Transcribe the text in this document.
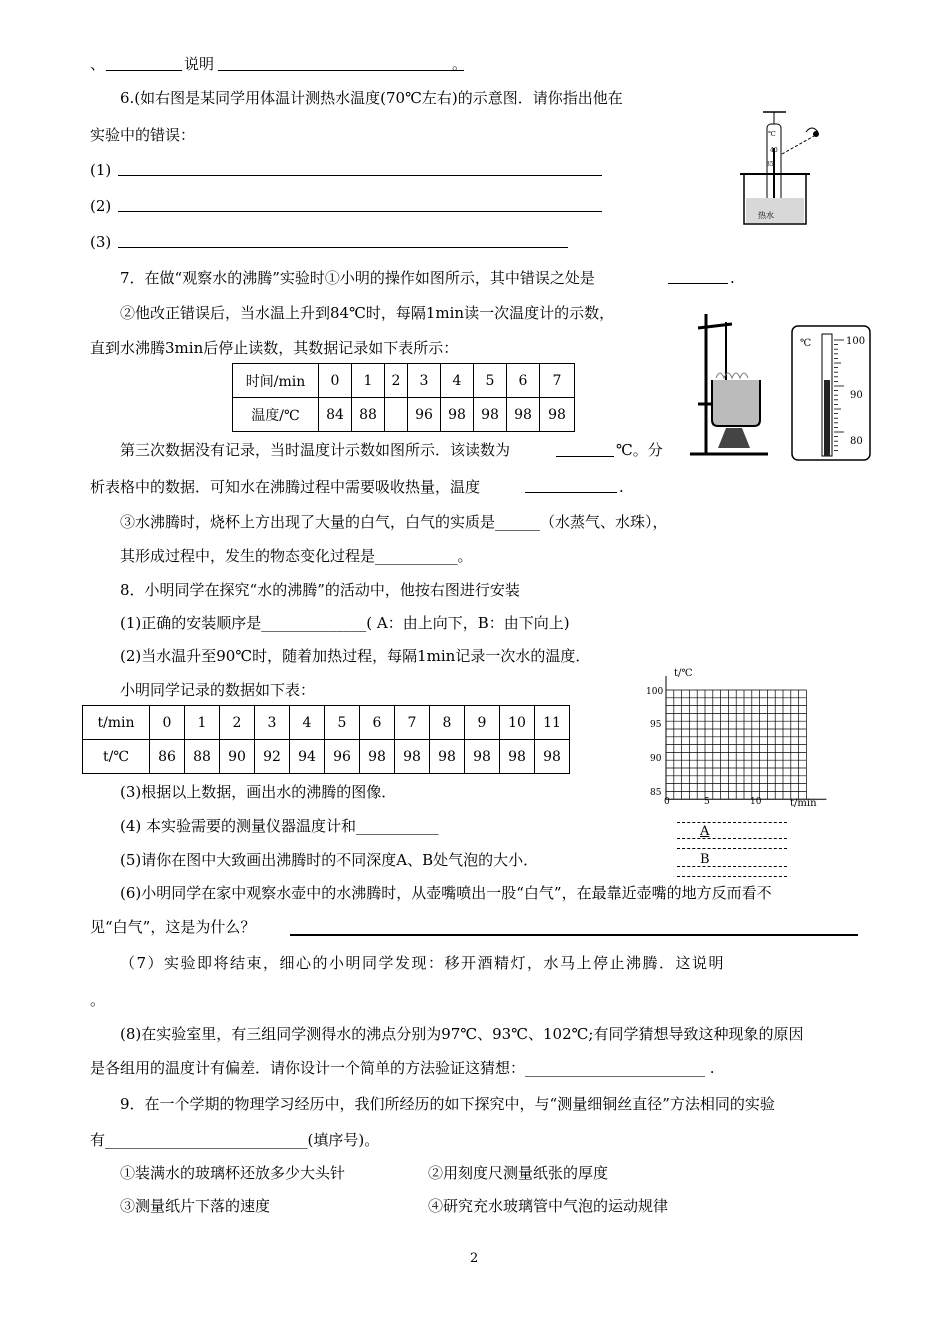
、	说明	。
6.(如右图是某同学用体温计测热水温度(70℃左右)的示意图．请你指出他在
实验中的错误：
(1)
(2)
(3)
℃
40
35
热水
7．在做“观察水的沸腾”实验时①小明的操作如图所示，其中错误之处是	.
②他改正错误后，当水温上升到84℃时，每隔1min读一次温度计的示数，
直到水沸腾3min后停止读数，其数据记录如下表所示：
时间/min	0	1	2	3	4	5	6	7
温度/℃	84	88		96	98	98	98	98
℃	100
90
80
第三次数据没有记录，当时温度计示数如图所示．该读数为	℃。分
析表格中的数据．可知水在沸腾过程中需要吸收热量，温度	.
③水沸腾时，烧杯上方出现了大量的白气，白气的实质是______（水蒸气、水珠），
其形成过程中，发生的物态变化过程是___________。
8．小明同学在探究“水的沸腾”的活动中，他按右图进行安装
(1)正确的安装顺序是______________( A：由上向下，B：由下向上)
(2)当水温升至90℃时，随着加热过程，每隔1min记录一次水的温度．
小明同学记录的数据如下表：
t/min	0	1	2	3	4	5	6	7	8	9	10	11
t/℃	86	88	90	92	94	96	98	98	98	98	98	98
t/℃
t/min
100
95
90
85
0	5	10
A
B
(3)根据以上数据，画出水的沸腾的图像．
(4) 本实验需要的测量仪器温度计和___________
(5)请你在图中大致画出沸腾时的不同深度A、B处气泡的大小．
(6)小明同学在家中观察水壶中的水沸腾时，从壶嘴喷出一股“白气”，在最靠近壶嘴的地方反而看不
见“白气”，这是为什么？
（7）实验即将结束，细心的小明同学发现：移开酒精灯，水马上停止沸腾．这说明
。
(8)在实验室里，有三组同学测得水的沸点分别为97℃、93℃、102℃;有同学猜想导致这种现象的原因
是各组用的温度计有偏差．请你设计一个简单的方法验证这猜想：________________________ .
9．在一个学期的物理学习经历中，我们所经历的如下探究中，与“测量细铜丝直径”方法相同的实验
有___________________________(填序号)。
①装满水的玻璃杯还放多少大头针	②用刻度尺测量纸张的厚度
③测量纸片下落的速度	④研究充水玻璃管中气泡的运动规律
2
